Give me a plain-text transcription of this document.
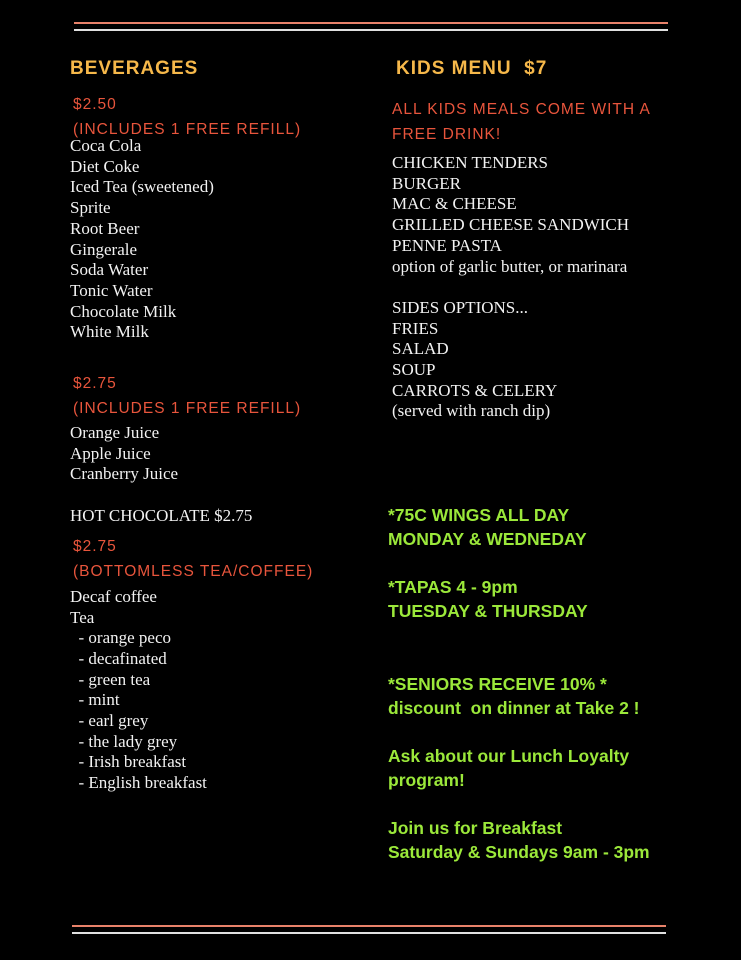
BEVERAGES

$2.50

(INCLUDES 1 FREE REFILL)

Coca Cola
Diet Coke
Iced Tea (sweetened)
Sprite
Root Beer
Gingerale
Soda Water
Tonic Water
Chocolate Milk
White Milk

$2.75

(INCLUDES 1 FREE REFILL)

Orange Juice
Apple Juice
Cranberry Juice

HOT CHOCOLATE $2.75

$2.75

(BOTTOMLESS TEA/COFFEE)

Decaf coffee
Tea
- orange peco
- decafinated
- green tea
- mint
- earl grey
- the lady grey
- Irish breakfast
- English breakfast
KIDS MENU  $7

ALL KIDS MEALS COME WITH A

FREE DRINK!

CHICKEN TENDERS
BURGER
MAC & CHEESE
GRILLED CHEESE SANDWICH
PENNE PASTA
option of garlic butter, or marinara

SIDES OPTIONS...

FRIES
SALAD
SOUP
CARROTS & CELERY
(served with ranch dip)

*75C WINGS ALL DAY

MONDAY & WEDNEDAY

*TAPAS 4 - 9pm

TUESDAY & THURSDAY

*SENIORS RECEIVE 10% *

discount  on dinner at Take 2 !

Ask about our Lunch Loyalty

program!

Join us for Breakfast

Saturday & Sundays 9am - 3pm
